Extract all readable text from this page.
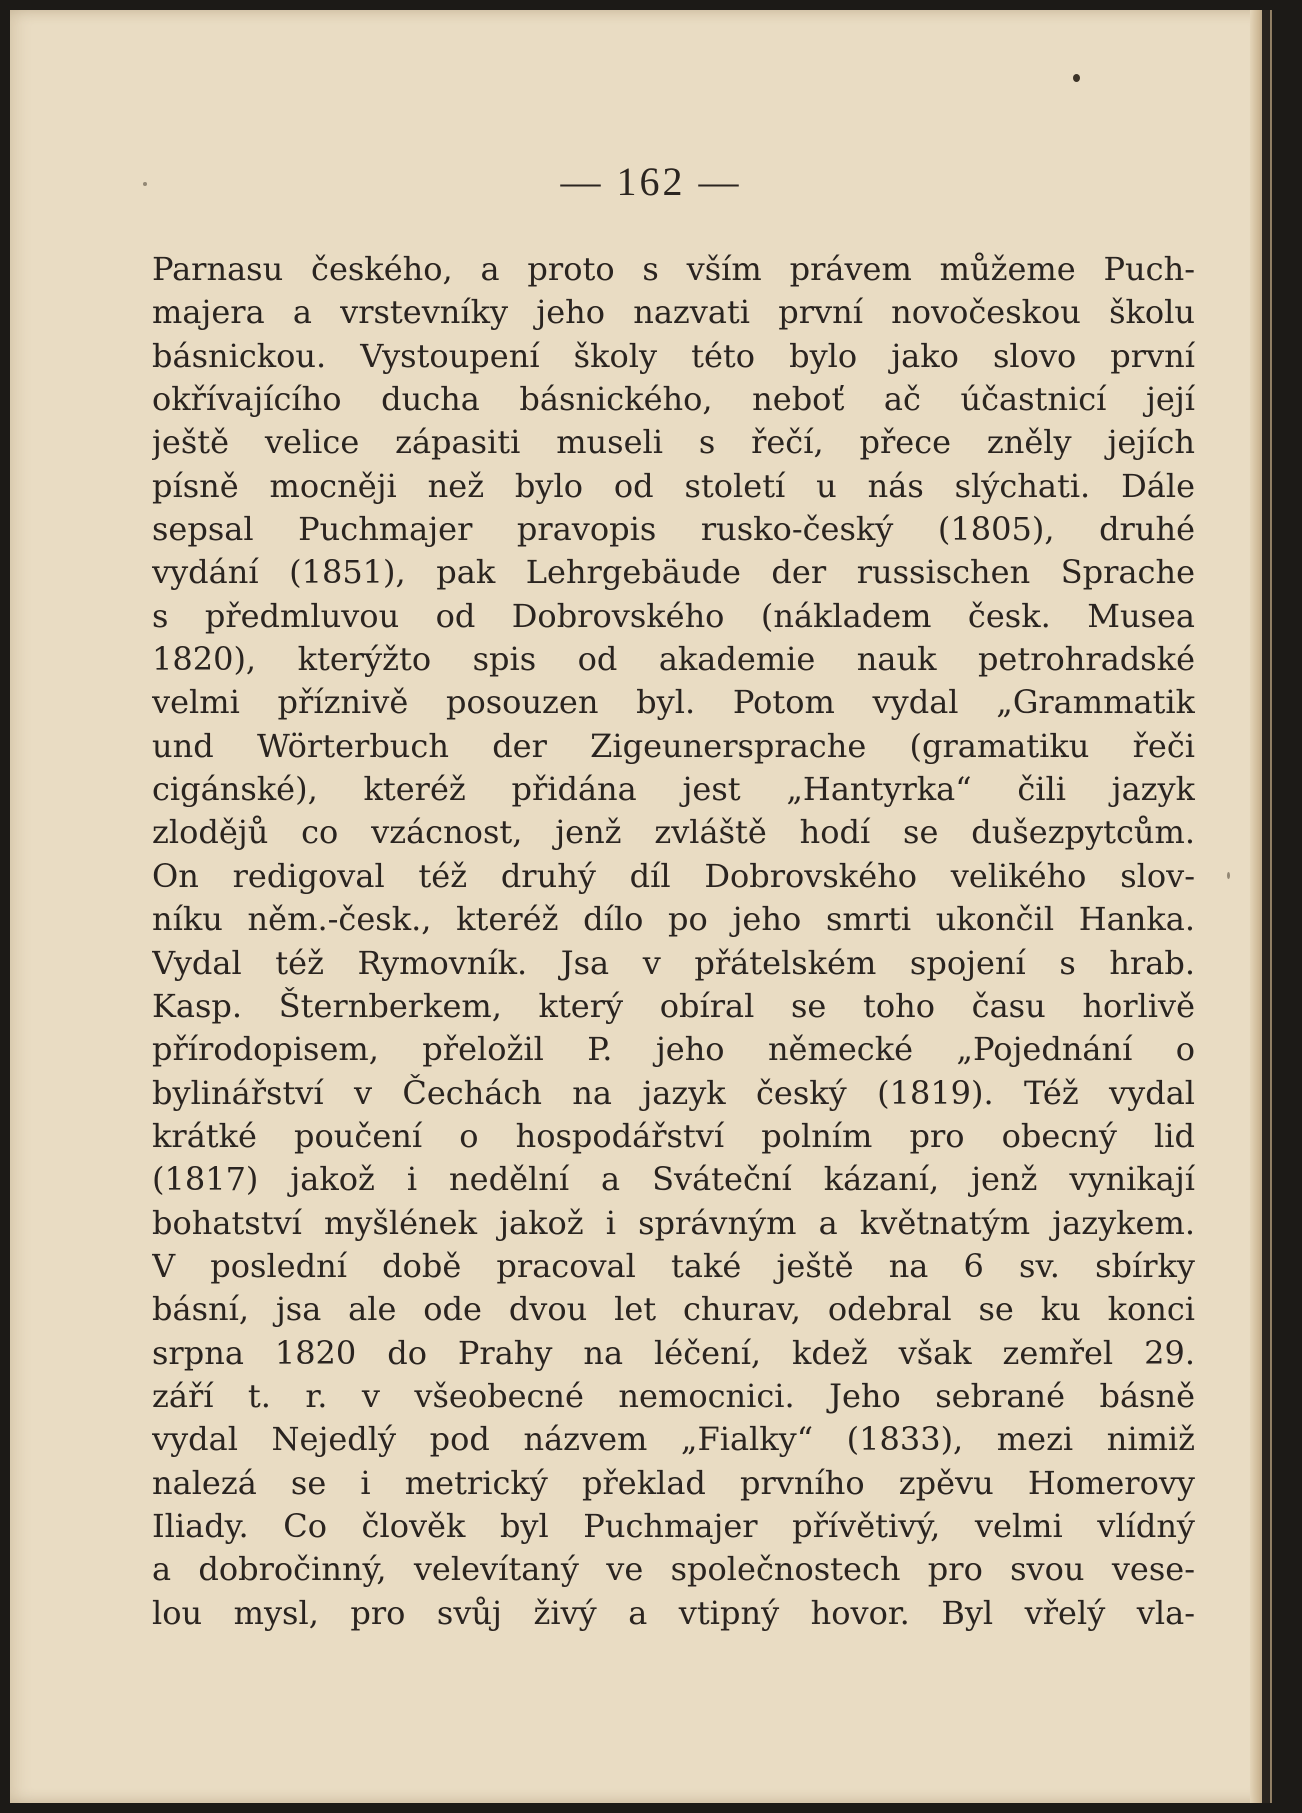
— 162 —
Parnasu českého, a proto s vším právem můžeme Puch-
majera a vrstevníky jeho nazvati první novočeskou školu
básnickou. Vystoupení školy této bylo jako slovo první
okřívajícího ducha básnického, neboť ač účastnicí její
ještě velice zápasiti museli s řečí, přece zněly jejích
písně mocněji než bylo od století u nás slýchati. Dále
sepsal Puchmajer pravopis rusko-český (1805), druhé
vydání (1851), pak Lehrgebäude der russischen Sprache
s předmluvou od Dobrovského (nákladem česk. Musea
1820), kterýžto spis od akademie nauk petrohradské
velmi příznivě posouzen byl. Potom vydal „Grammatik
und Wörterbuch der Zigeunersprache (gramatiku řeči
cigánské), kteréž přidána jest „Hantyrka“ čili jazyk
zlodějů co vzácnost, jenž zvláště hodí se dušezpytcům.
On redigoval též druhý díl Dobrovského velikého slov-
níku něm.-česk., kteréž dílo po jeho smrti ukončil Hanka.
Vydal též Rymovník. Jsa v přátelském spojení s hrab.
Kasp. Šternberkem, který obíral se toho času horlivě
přírodopisem, přeložil P. jeho německé „Pojednání o
bylinářství v Čechách na jazyk český (1819). Též vydal
krátké poučení o hospodářství polním pro obecný lid
(1817) jakož i nedělní a Sváteční kázaní, jenž vynikají
bohatství myšlének jakož i správným a květnatým jazykem.
V poslední době pracoval také ještě na 6 sv. sbírky
básní, jsa ale ode dvou let churav, odebral se ku konci
srpna 1820 do Prahy na léčení, kdež však zemřel 29.
září t. r. v všeobecné nemocnici. Jeho sebrané básně
vydal Nejedlý pod názvem „Fialky“ (1833), mezi nimiž
nalezá se i metrický překlad prvního zpěvu Homerovy
Iliady. Co člověk byl Puchmajer přívětivý, velmi vlídný
a dobročinný, velevítaný ve společnostech pro svou vese-
lou mysl, pro svůj živý a vtipný hovor. Byl vřelý vla-
